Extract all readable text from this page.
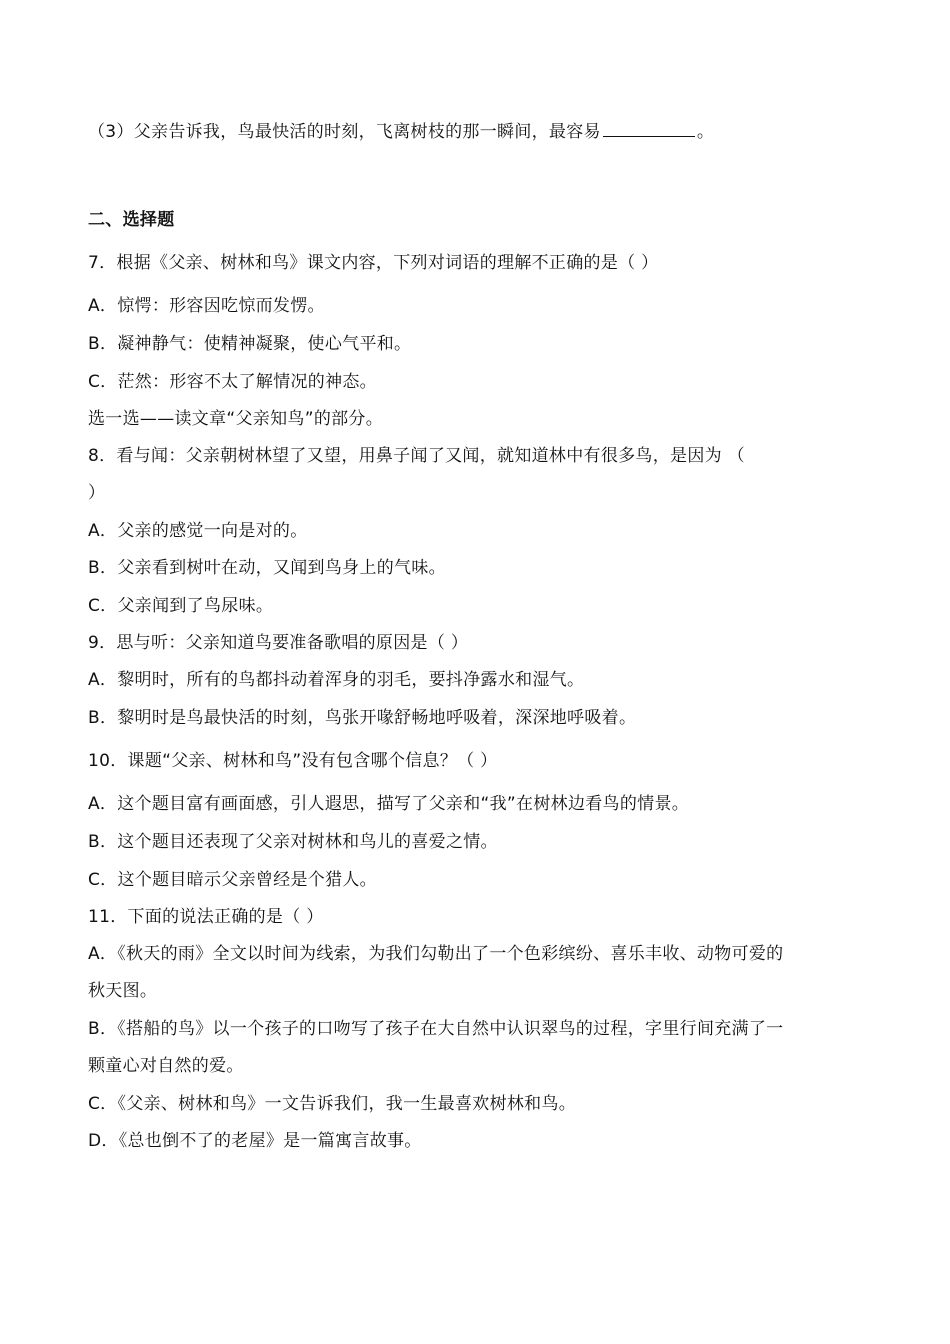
（3）父亲告诉我，鸟最快活的时刻，飞离树枝的那一瞬间，最容易	。
二、选择题
7．根据《父亲、树林和鸟》课文内容，下列对词语的理解不正确的是（ ）
A．惊愕：形容因吃惊而发愣。
B．凝神静气：使精神凝聚，使心气平和。
C．茫然：形容不太了解情况的神态。
选一选——读文章“父亲知鸟”的部分。
8．看与闻：父亲朝树林望了又望，用鼻子闻了又闻，就知道林中有很多鸟，是因为 （
）
A．父亲的感觉一向是对的。
B．父亲看到树叶在动，又闻到鸟身上的气味。
C．父亲闻到了鸟尿味。
9．思与听：父亲知道鸟要准备歌唱的原因是（ ）
A．黎明时，所有的鸟都抖动着浑身的羽毛，要抖净露水和湿气。
B．黎明时是鸟最快活的时刻，鸟张开喙舒畅地呼吸着，深深地呼吸着。
10．课题“父亲、树林和鸟”没有包含哪个信息？（ ）
A．这个题目富有画面感，引人遐思，描写了父亲和“我”在树林边看鸟的情景。
B．这个题目还表现了父亲对树林和鸟儿的喜爱之情。
C．这个题目暗示父亲曾经是个猎人。
11．下面的说法正确的是（ ）
A．《秋天的雨》全文以时间为线索，为我们勾勒出了一个色彩缤纷、喜乐丰收、动物可爱的
秋天图。
B．《搭船的鸟》以一个孩子的口吻写了孩子在大自然中认识翠鸟的过程，字里行间充满了一
颗童心对自然的爱。
C．《父亲、树林和鸟》一文告诉我们，我一生最喜欢树林和鸟。
D．《总也倒不了的老屋》是一篇寓言故事。
